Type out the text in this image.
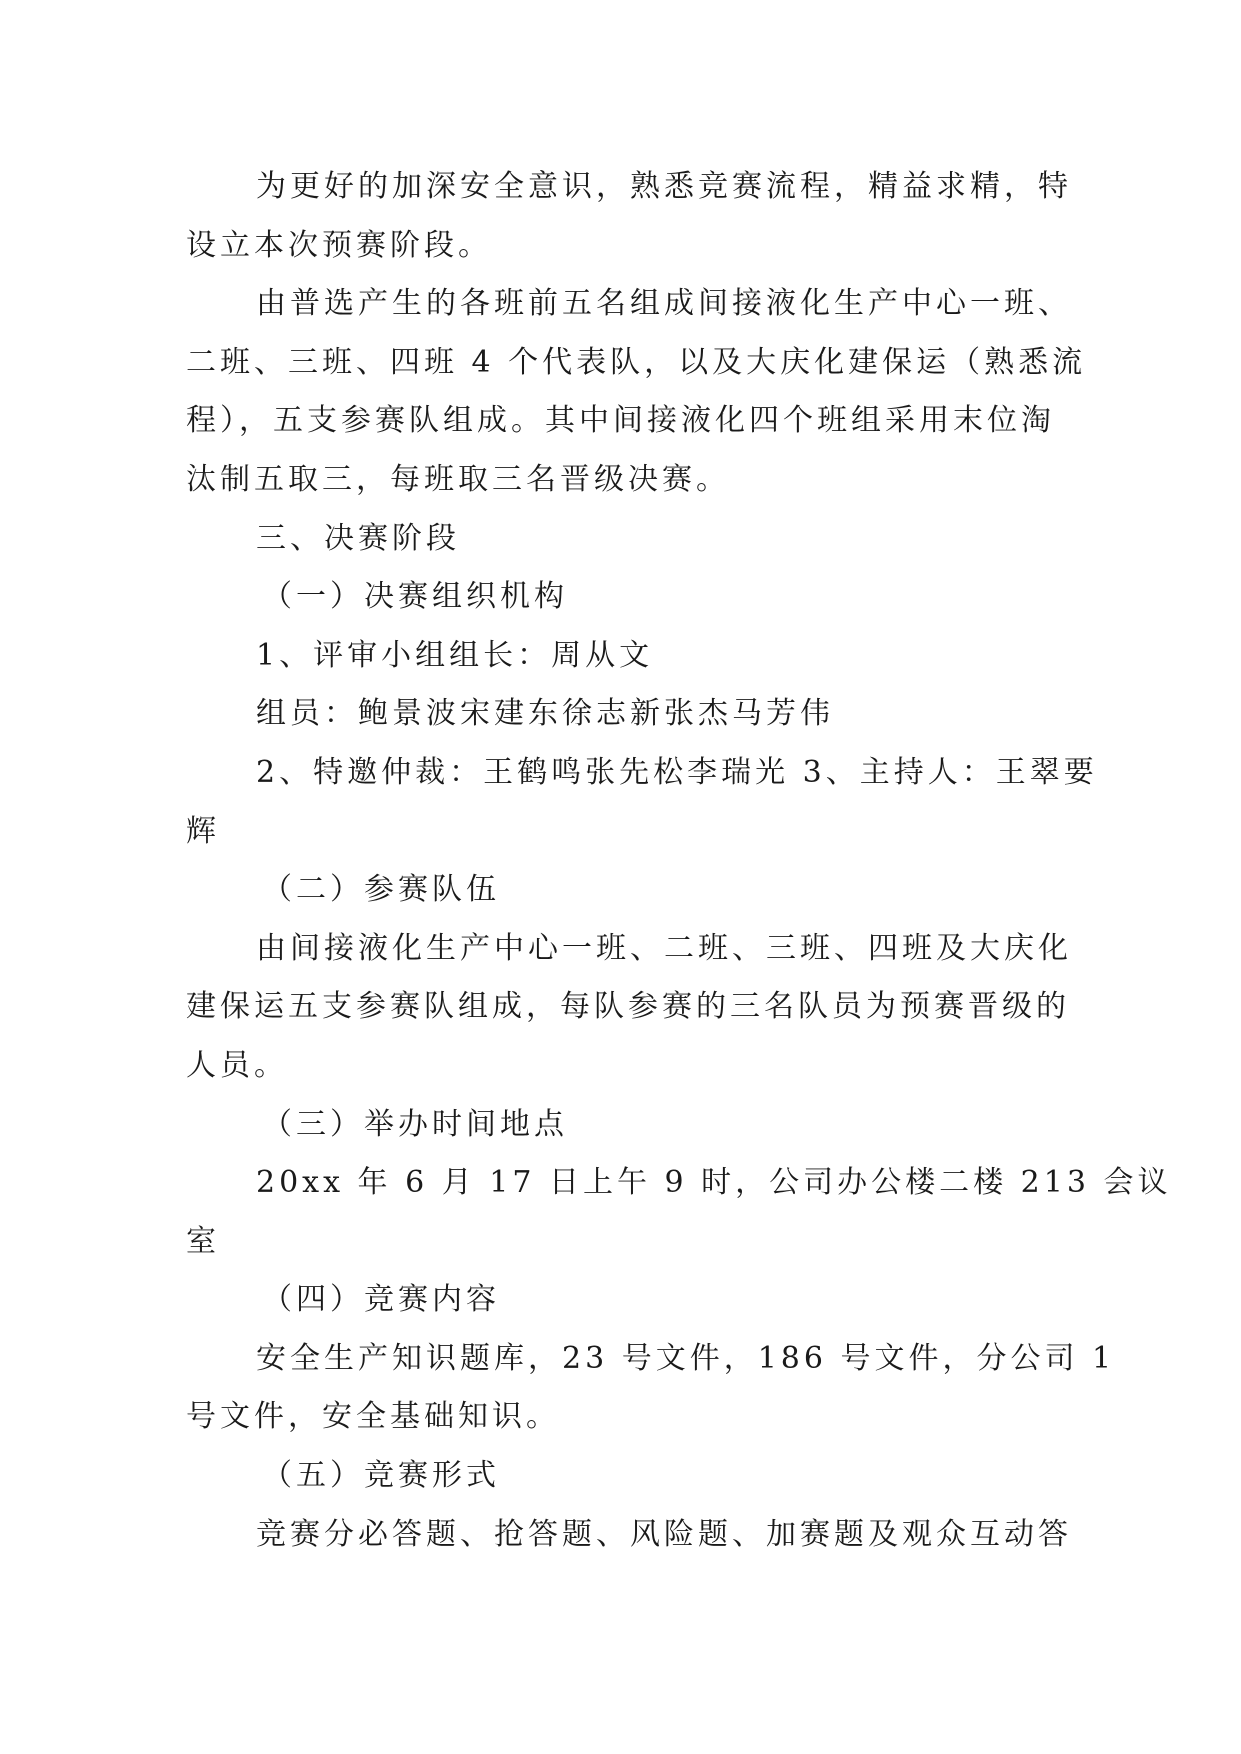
为更好的加深安全意识，熟悉竞赛流程，精益求精，特
设立本次预赛阶段。
由普选产生的各班前五名组成间接液化生产中心一班、
二班、三班、四班 4 个代表队，以及大庆化建保运（熟悉流
程），五支参赛队组成。其中间接液化四个班组采用末位淘
汰制五取三，每班取三名晋级决赛。
三、决赛阶段
（一）决赛组织机构
1、评审小组组长：周从文
组员：鲍景波宋建东徐志新张杰马芳伟
2、特邀仲裁：王鹤鸣张先松李瑞光 3、主持人：王翠要
辉
（二）参赛队伍
由间接液化生产中心一班、二班、三班、四班及大庆化
建保运五支参赛队组成，每队参赛的三名队员为预赛晋级的
人员。
（三）举办时间地点
20xx 年 6 月 17 日上午 9 时，公司办公楼二楼 213 会议
室
（四）竞赛内容
安全生产知识题库，23 号文件，186 号文件，分公司 1
号文件，安全基础知识。
（五）竞赛形式
竞赛分必答题、抢答题、风险题、加赛题及观众互动答
